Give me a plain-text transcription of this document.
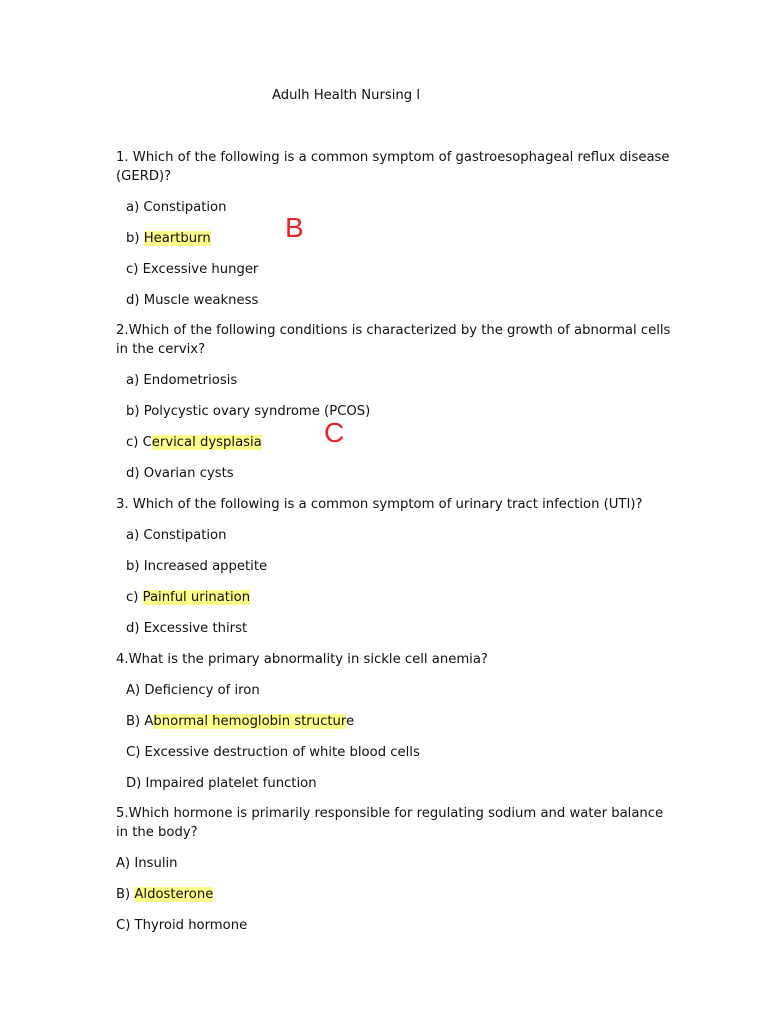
Adulh Health Nursing l
1. Which of the following is a common symptom of gastroesophageal reflux disease (GERD)?
a) Constipation
b) Heartburn
c) Excessive hunger
d) Muscle weakness
B
2.Which of the following conditions is characterized by the growth of abnormal cells in the cervix?
a) Endometriosis
b) Polycystic ovary syndrome (PCOS)
c) Cervical dysplasia
d) Ovarian cysts
C
3. Which of the following is a common symptom of urinary tract infection (UTI)?
a) Constipation
b) Increased appetite
c) Painful urination
d) Excessive thirst
4.What is the primary abnormality in sickle cell anemia?
A) Deficiency of iron
B) Abnormal hemoglobin structure
C) Excessive destruction of white blood cells
D) Impaired platelet function
5.Which hormone is primarily responsible for regulating sodium and water balance in the body?
A) Insulin
B) Aldosterone
C) Thyroid hormone
